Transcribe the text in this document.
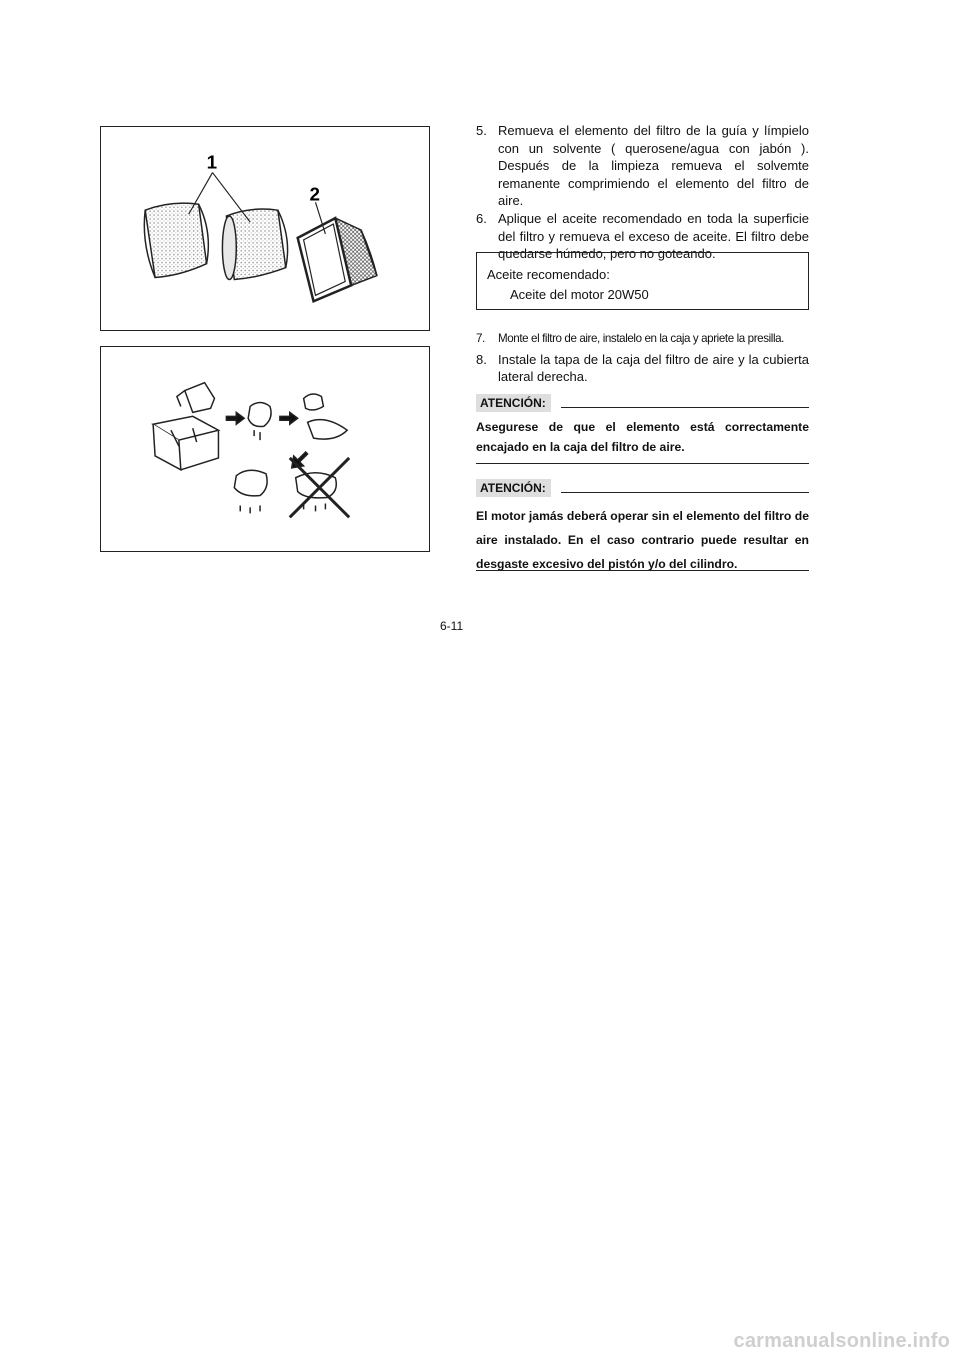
1
2
5. Remueva el elemento del filtro de la guía y límpielo con un solvente ( querosene/agua con jabón ). Después de la limpieza remueva el solvemte remanente comprimiendo el elemento del filtro de aire.
6. Aplique el aceite recomendado en toda la superficie del filtro y remueva el exceso de aceite. El filtro debe quedarse húmedo, pero no goteando.
Aceite recomendado:
Aceite del motor 20W50
7. Monte el filtro de aire, instalelo en la caja y apriete la presilla.
8. Instale la tapa de la caja del filtro de aire y la cubierta lateral derecha.
ATENCIÓN:
Asegurese de que el elemento está correctamente encajado en la caja del filtro de aire.
ATENCIÓN:
El motor jamás deberá operar sin el elemento del filtro de aire instalado. En el caso contrario puede resultar en desgaste excesivo del pistón y/o del cilindro.
6-11
carmanualsonline.info
